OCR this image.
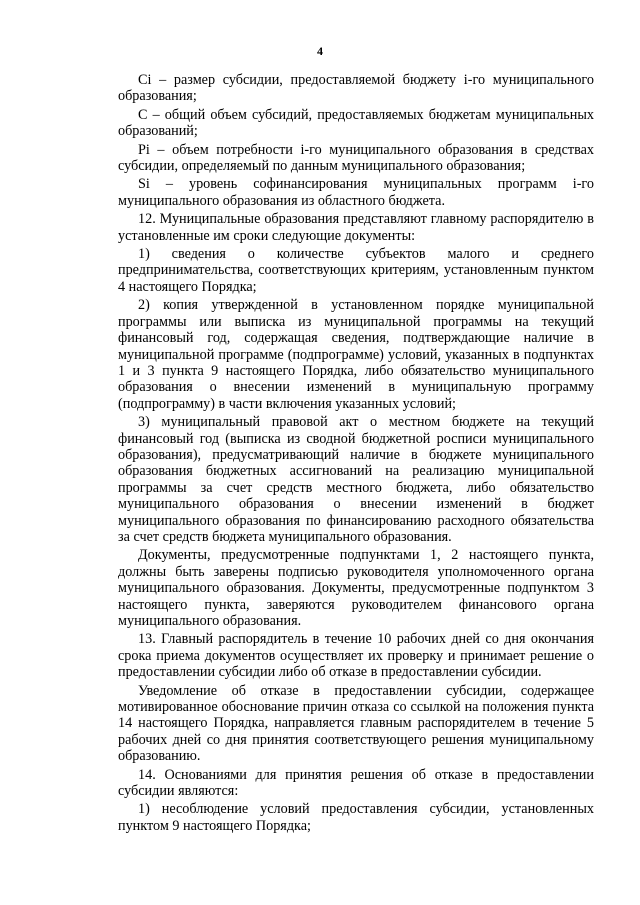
4

Ci – размер субсидии, предоставляемой бюджету i-го муниципального образования;

C – общий объем субсидий, предоставляемых бюджетам муниципальных образований;

Pi – объем потребности i-го муниципального образования в средствах субсидии, определяемый по данным муниципального образования;

Si – уровень софинансирования муниципальных программ i-го муниципального образования из областного бюджета.

12. Муниципальные образования представляют главному распорядителю в установленные им сроки следующие документы:

1) сведения о количестве субъектов малого и среднего предпринимательства, соответствующих критериям, установленным пунктом 4 настоящего Порядка;

2) копия утвержденной в установленном порядке муниципальной программы или выписка из муниципальной программы на текущий финансовый год, содержащая сведения, подтверждающие наличие в муниципальной программе (подпрограмме) условий, указанных в подпунктах 1 и 3 пункта 9 настоящего Порядка, либо обязательство муниципального образования о внесении изменений в муниципальную программу (подпрограмму) в части включения указанных условий;

3) муниципальный правовой акт о местном бюджете на текущий финансовый год (выписка из сводной бюджетной росписи муниципального образования), предусматривающий наличие в бюджете муниципального образования бюджетных ассигнований на реализацию муниципальной программы за счет средств местного бюджета, либо обязательство муниципального образования о внесении изменений в бюджет муниципального образования по финансированию расходного обязательства за счет средств бюджета муниципального образования.

Документы, предусмотренные подпунктами 1, 2 настоящего пункта, должны быть заверены подписью руководителя уполномоченного органа муниципального образования. Документы, предусмотренные подпунктом 3 настоящего пункта, заверяются руководителем финансового органа муниципального образования.

13. Главный распорядитель в течение 10 рабочих дней со дня окончания срока приема документов осуществляет их проверку и принимает решение о предоставлении субсидии либо об отказе в предоставлении субсидии.

Уведомление об отказе в предоставлении субсидии, содержащее мотивированное обоснование причин отказа со ссылкой на положения пункта 14 настоящего Порядка, направляется главным распорядителем в течение 5 рабочих дней со дня принятия соответствующего решения муниципальному образованию.

14. Основаниями для принятия решения об отказе в предоставлении субсидии являются:

1) несоблюдение условий предоставления субсидии, установленных пунктом 9 настоящего Порядка;
